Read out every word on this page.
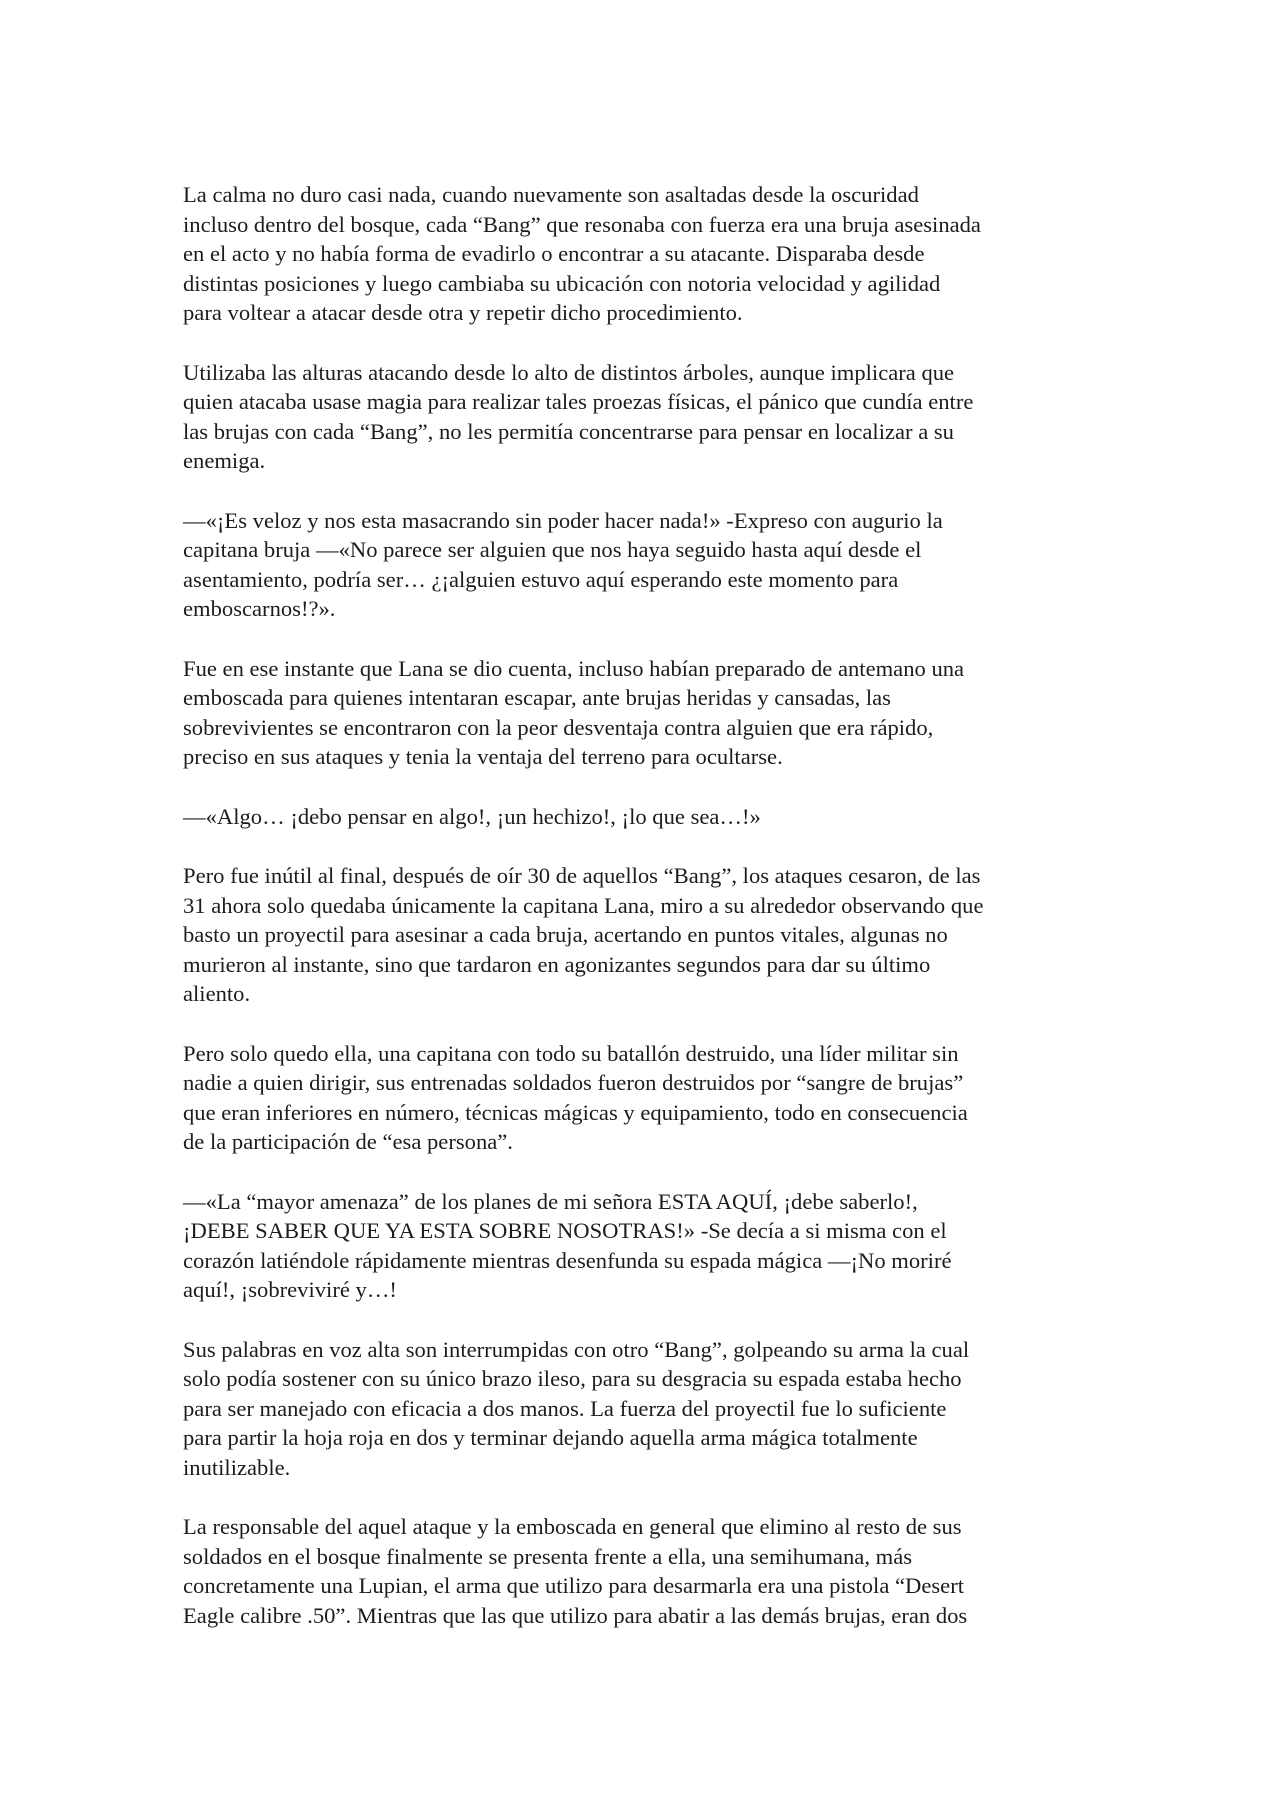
La calma no duro casi nada, cuando nuevamente son asaltadas desde la oscuridad
incluso dentro del bosque, cada “Bang” que resonaba con fuerza era una bruja asesinada
en el acto y no había forma de evadirlo o encontrar a su atacante. Disparaba desde
distintas posiciones y luego cambiaba su ubicación con notoria velocidad y agilidad
para voltear a atacar desde otra y repetir dicho procedimiento.
Utilizaba las alturas atacando desde lo alto de distintos árboles, aunque implicara que
quien atacaba usase magia para realizar tales proezas físicas, el pánico que cundía entre
las brujas con cada “Bang”, no les permitía concentrarse para pensar en localizar a su
enemiga.
—«¡Es veloz y nos esta masacrando sin poder hacer nada!» -Expreso con augurio la
capitana bruja —«No parece ser alguien que nos haya seguido hasta aquí desde el
asentamiento, podría ser… ¿¡alguien estuvo aquí esperando este momento para
emboscarnos!?».
Fue en ese instante que Lana se dio cuenta, incluso habían preparado de antemano una
emboscada para quienes intentaran escapar, ante brujas heridas y cansadas, las
sobrevivientes se encontraron con la peor desventaja contra alguien que era rápido,
preciso en sus ataques y tenia la ventaja del terreno para ocultarse.
—«Algo… ¡debo pensar en algo!, ¡un hechizo!, ¡lo que sea…!»
Pero fue inútil al final, después de oír 30 de aquellos “Bang”, los ataques cesaron, de las
31 ahora solo quedaba únicamente la capitana Lana, miro a su alrededor observando que
basto un proyectil para asesinar a cada bruja, acertando en puntos vitales, algunas no
murieron al instante, sino que tardaron en agonizantes segundos para dar su último
aliento.
Pero solo quedo ella, una capitana con todo su batallón destruido, una líder militar sin
nadie a quien dirigir, sus entrenadas soldados fueron destruidos por “sangre de brujas”
que eran inferiores en número, técnicas mágicas y equipamiento, todo en consecuencia
de la participación de “esa persona”.
—«La “mayor amenaza” de los planes de mi señora ESTA AQUÍ, ¡debe saberlo!,
¡DEBE SABER QUE YA ESTA SOBRE NOSOTRAS!» -Se decía a si misma con el
corazón latiéndole rápidamente mientras desenfunda su espada mágica —¡No moriré
aquí!, ¡sobreviviré y…!
Sus palabras en voz alta son interrumpidas con otro “Bang”, golpeando su arma la cual
solo podía sostener con su único brazo ileso, para su desgracia su espada estaba hecho
para ser manejado con eficacia a dos manos. La fuerza del proyectil fue lo suficiente
para partir la hoja roja en dos y terminar dejando aquella arma mágica totalmente
inutilizable.
La responsable del aquel ataque y la emboscada en general que elimino al resto de sus
soldados en el bosque finalmente se presenta frente a ella, una semihumana, más
concretamente una Lupian, el arma que utilizo para desarmarla era una pistola “Desert
Eagle calibre .50”. Mientras que las que utilizo para abatir a las demás brujas, eran dos
